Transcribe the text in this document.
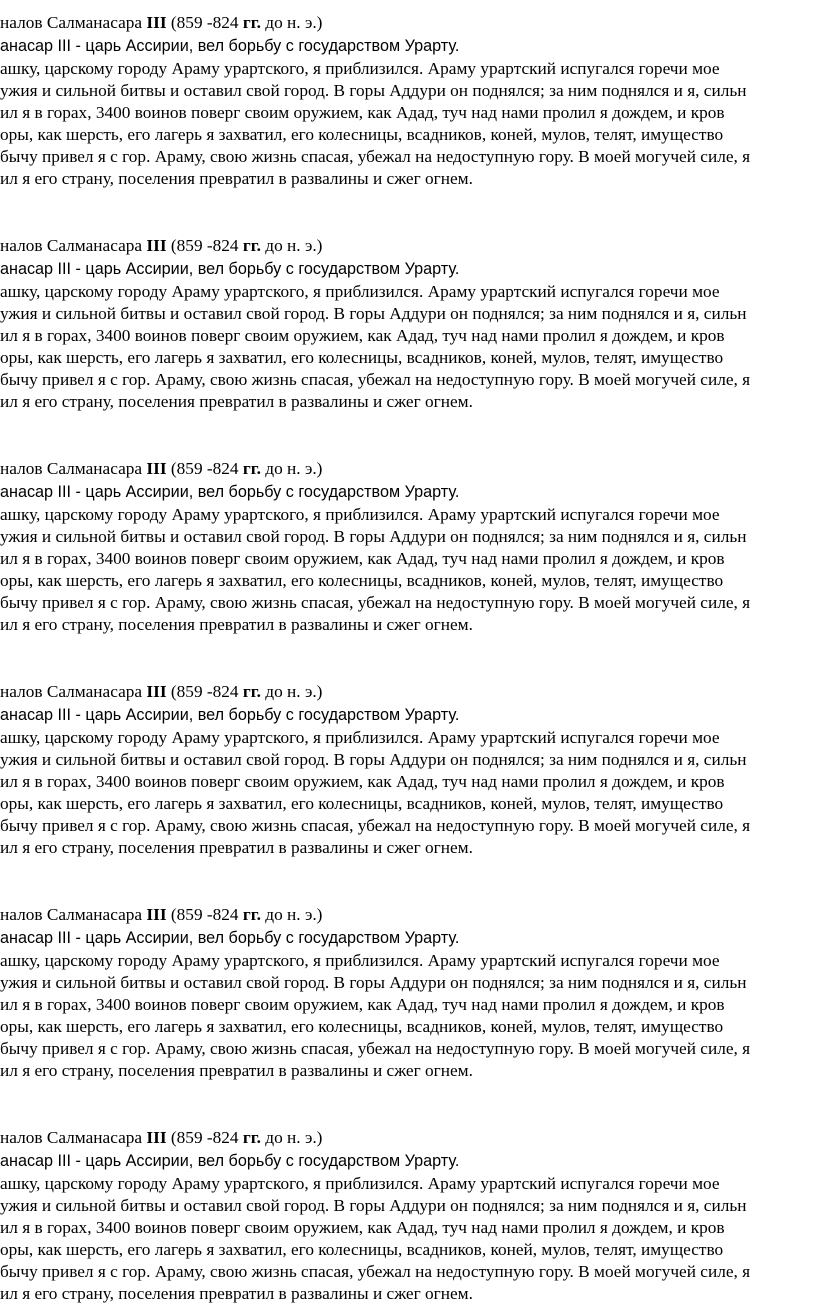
налов Салманасара III (859 -824 гг. до н. э.)
анасар III - царь Ассирии, вел борьбу с государством Урарту.
ашку, царскому городу Араму урартского, я приблизился. Араму урартский испугался горечи мое
ужия и сильной битвы и оставил свой город. В горы Аддури он поднялся; за ним поднялся и я, сильн
ил я в горах, 3400 воинов поверг своим оружием, как Адад, туч над нами пролил я дождем, и кров
оры, как шерсть, его лагерь я захватил, его колесницы, всадников, коней, мулов, телят, имущество
бычу привел я с гор. Араму, свою жизнь спасая, убежал на недоступную гору. В моей могучей силе, я
ил я его страну, поселения превратил в развалины и сжег огнем.
налов Салманасара III (859 -824 гг. до н. э.)
анасар III - царь Ассирии, вел борьбу с государством Урарту.
ашку, царскому городу Араму урартского, я приблизился. Араму урартский испугался горечи мое
ужия и сильной битвы и оставил свой город. В горы Аддури он поднялся; за ним поднялся и я, сильн
ил я в горах, 3400 воинов поверг своим оружием, как Адад, туч над нами пролил я дождем, и кров
оры, как шерсть, его лагерь я захватил, его колесницы, всадников, коней, мулов, телят, имущество
бычу привел я с гор. Араму, свою жизнь спасая, убежал на недоступную гору. В моей могучей силе, я
ил я его страну, поселения превратил в развалины и сжег огнем.
налов Салманасара III (859 -824 гг. до н. э.)
анасар III - царь Ассирии, вел борьбу с государством Урарту.
ашку, царскому городу Араму урартского, я приблизился. Араму урартский испугался горечи мое
ужия и сильной битвы и оставил свой город. В горы Аддури он поднялся; за ним поднялся и я, сильн
ил я в горах, 3400 воинов поверг своим оружием, как Адад, туч над нами пролил я дождем, и кров
оры, как шерсть, его лагерь я захватил, его колесницы, всадников, коней, мулов, телят, имущество
бычу привел я с гор. Араму, свою жизнь спасая, убежал на недоступную гору. В моей могучей силе, я
ил я его страну, поселения превратил в развалины и сжег огнем.
налов Салманасара III (859 -824 гг. до н. э.)
анасар III - царь Ассирии, вел борьбу с государством Урарту.
ашку, царскому городу Араму урартского, я приблизился. Араму урартский испугался горечи мое
ужия и сильной битвы и оставил свой город. В горы Аддури он поднялся; за ним поднялся и я, сильн
ил я в горах, 3400 воинов поверг своим оружием, как Адад, туч над нами пролил я дождем, и кров
оры, как шерсть, его лагерь я захватил, его колесницы, всадников, коней, мулов, телят, имущество
бычу привел я с гор. Араму, свою жизнь спасая, убежал на недоступную гору. В моей могучей силе, я
ил я его страну, поселения превратил в развалины и сжег огнем.
налов Салманасара III (859 -824 гг. до н. э.)
анасар III - царь Ассирии, вел борьбу с государством Урарту.
ашку, царскому городу Араму урартского, я приблизился. Араму урартский испугался горечи мое
ужия и сильной битвы и оставил свой город. В горы Аддури он поднялся; за ним поднялся и я, сильн
ил я в горах, 3400 воинов поверг своим оружием, как Адад, туч над нами пролил я дождем, и кров
оры, как шерсть, его лагерь я захватил, его колесницы, всадников, коней, мулов, телят, имущество
бычу привел я с гор. Араму, свою жизнь спасая, убежал на недоступную гору. В моей могучей силе, я
ил я его страну, поселения превратил в развалины и сжег огнем.
налов Салманасара III (859 -824 гг. до н. э.)
анасар III - царь Ассирии, вел борьбу с государством Урарту.
ашку, царскому городу Араму урартского, я приблизился. Араму урартский испугался горечи мое
ужия и сильной битвы и оставил свой город. В горы Аддури он поднялся; за ним поднялся и я, сильн
ил я в горах, 3400 воинов поверг своим оружием, как Адад, туч над нами пролил я дождем, и кров
оры, как шерсть, его лагерь я захватил, его колесницы, всадников, коней, мулов, телят, имущество
бычу привел я с гор. Араму, свою жизнь спасая, убежал на недоступную гору. В моей могучей силе, я
ил я его страну, поселения превратил в развалины и сжег огнем.
